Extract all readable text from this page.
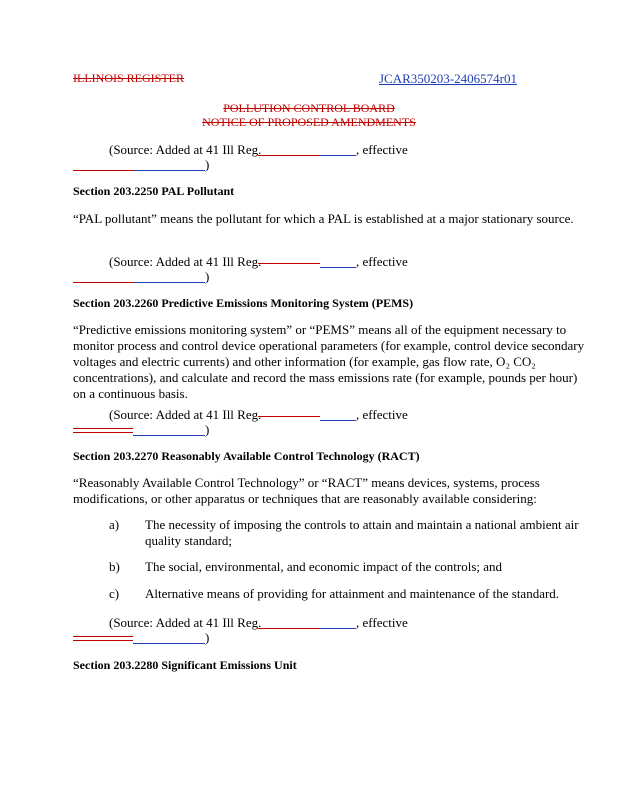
ILLINOIS REGISTER	JCAR350203-2406574r01
POLLUTION CONTROL BOARD
NOTICE OF PROPOSED AMENDMENTS
(Source: Added at 41 Ill Reg.	, effective
)
Section 203.2250 PAL Pollutant
“PAL pollutant” means the pollutant for which a PAL is established at a major stationary source.
(Source: Added at 41 Ill Reg.	, effective
)
Section 203.2260 Predictive Emissions Monitoring System (PEMS)
“Predictive emissions monitoring system” or “PEMS” means all of the equipment necessary to monitor process and control device operational parameters (for example, control device secondary voltages and electric currents) and other information (for example, gas flow rate, O₂ CO₂ concentrations), and calculate and record the mass emissions rate (for example, pounds per hour) on a continuous basis.
(Source: Added at 41 Ill Reg.	, effective
)
Section 203.2270 Reasonably Available Control Technology (RACT)
“Reasonably Available Control Technology” or “RACT” means devices, systems, process modifications, or other apparatus or techniques that are reasonably available considering:
a) The necessity of imposing the controls to attain and maintain a national ambient air quality standard;
b) The social, environmental, and economic impact of the controls; and
c) Alternative means of providing for attainment and maintenance of the standard.
(Source: Added at 41 Ill Reg.	, effective
)
Section 203.2280 Significant Emissions Unit
